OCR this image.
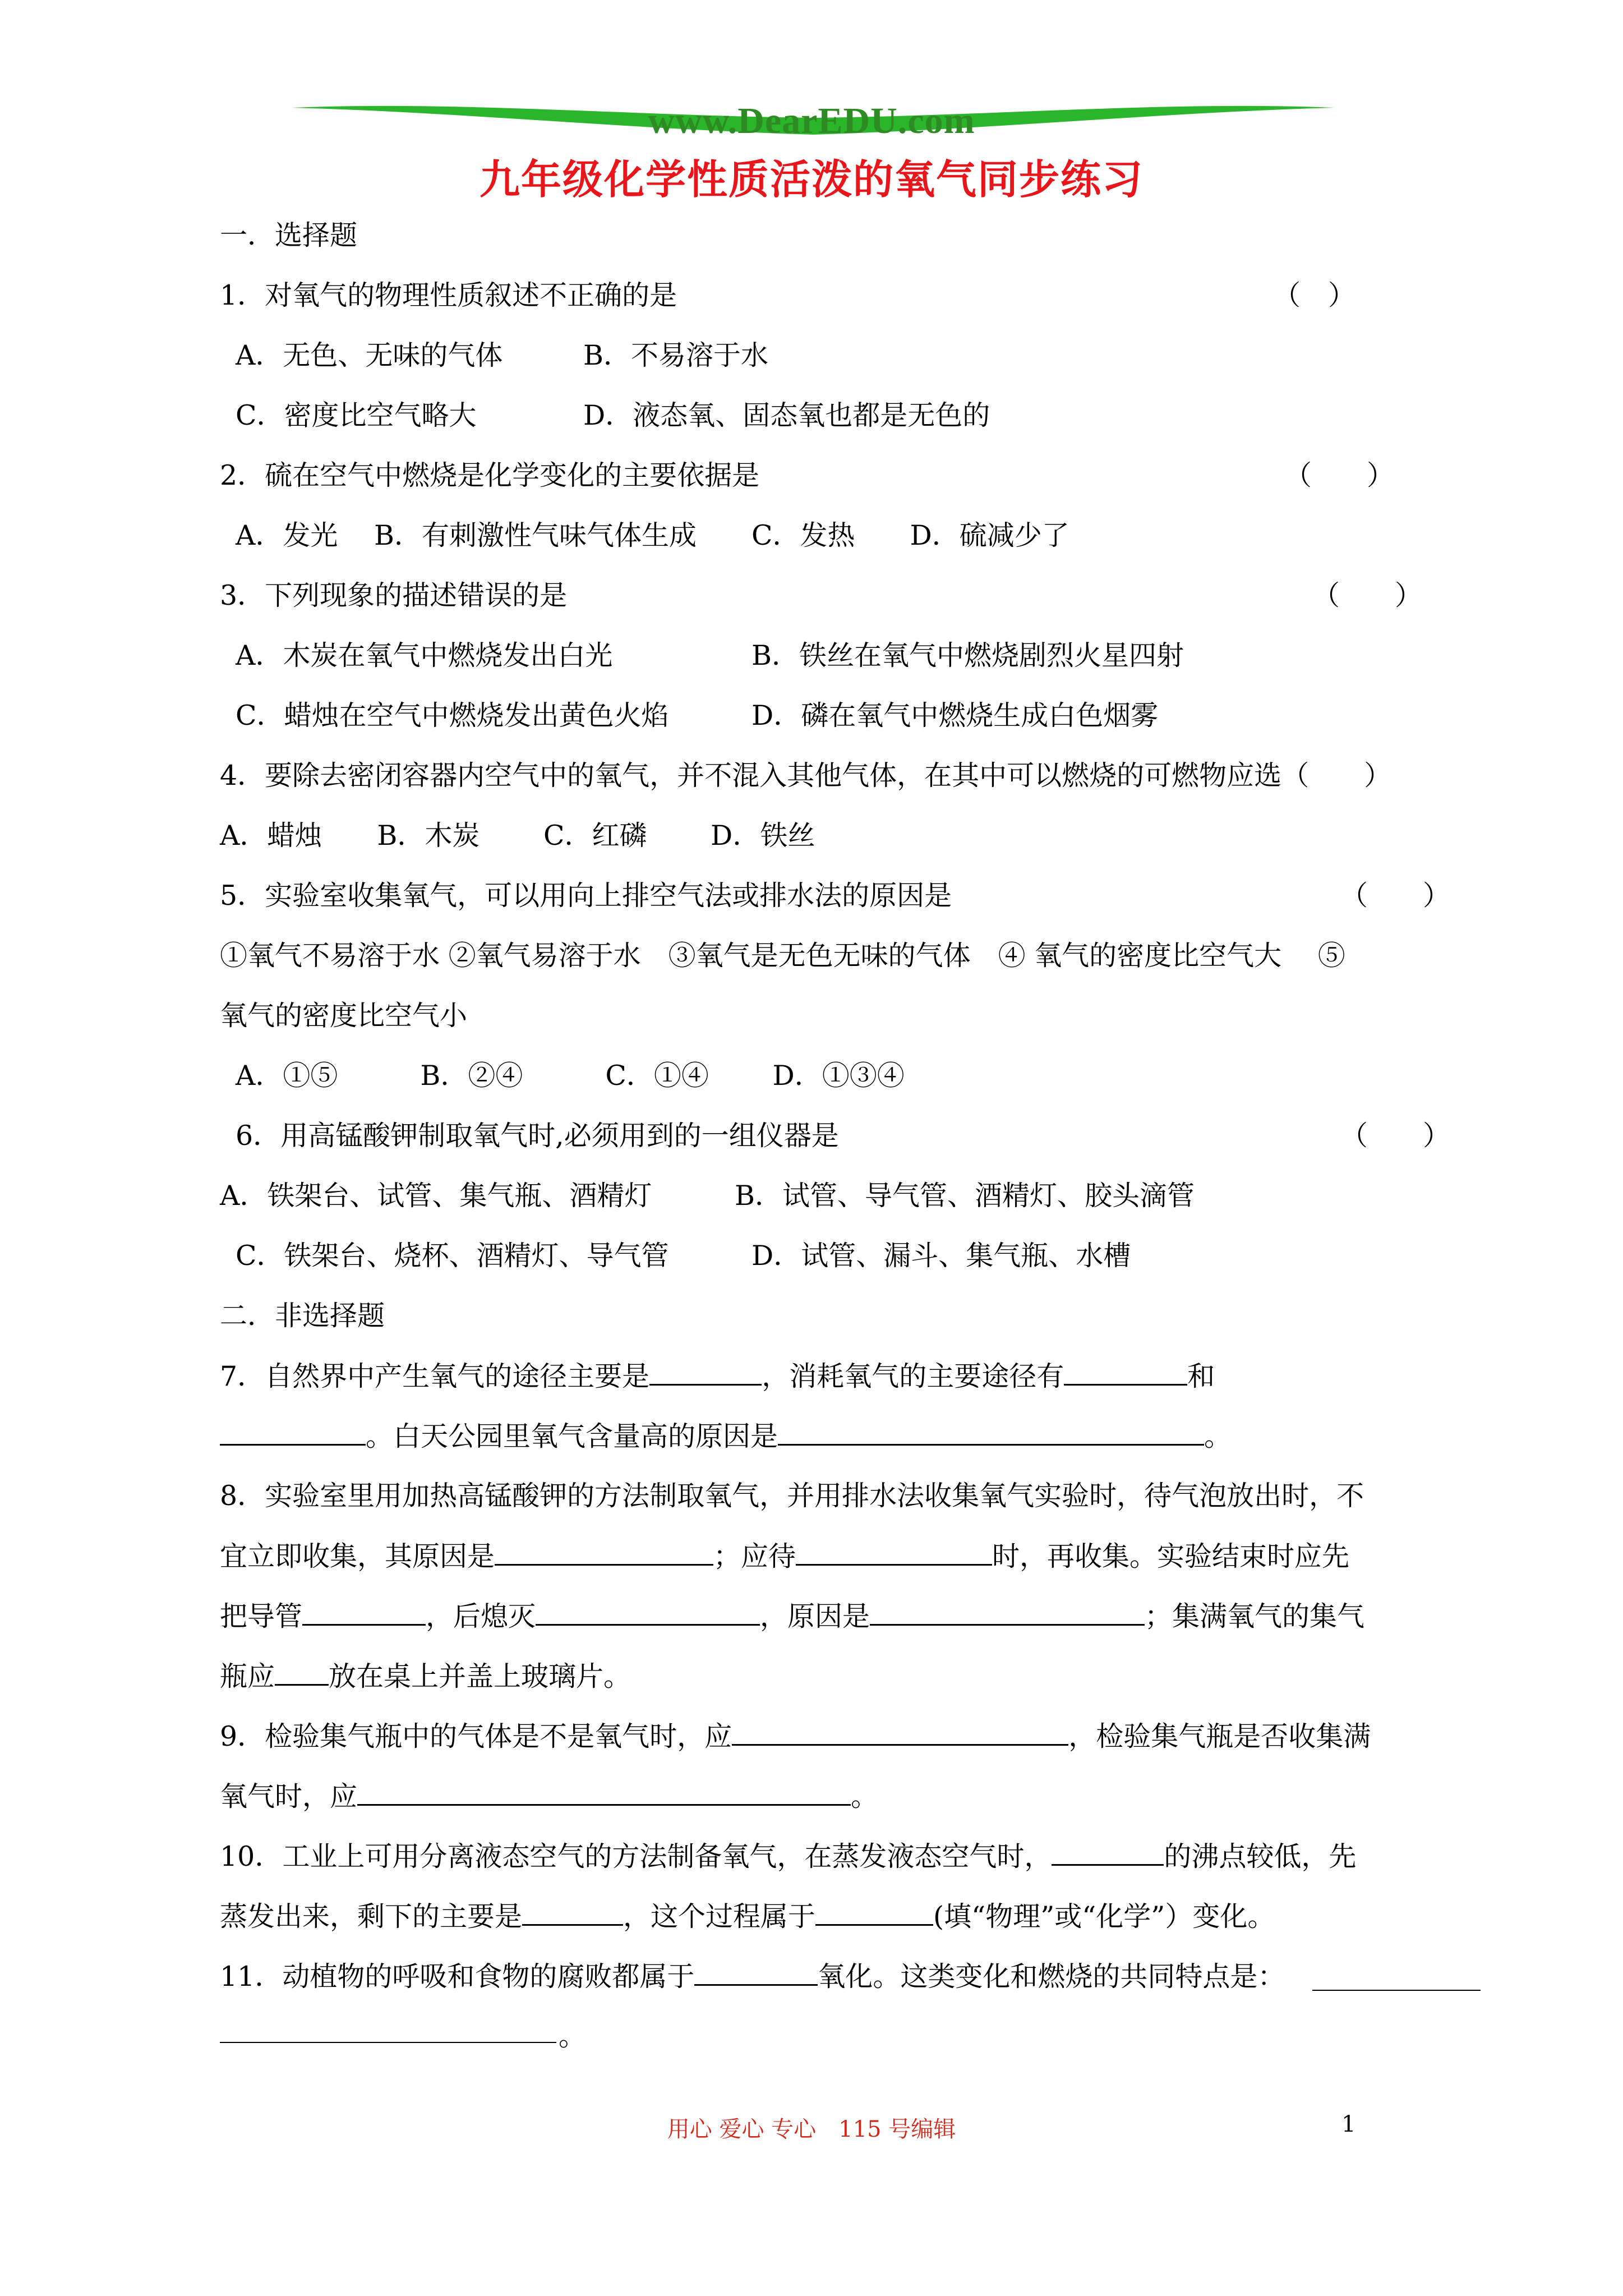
www.DearEDU.com
九年级化学性质活泼的氧气同步练习
一．选择题
1．对氧气的物理性质叙述不正确的是	（　）
A．无色、无味的气体	B．不易溶于水
C．密度比空气略大	D．液态氧、固态氧也都是无色的
2．硫在空气中燃烧是化学变化的主要依据是	（　　）
A．发光　 B．有刺激性气味气体生成　　C．发热　　D．硫减少了
3．下列现象的描述错误的是	（　　）
A．木炭在氧气中燃烧发出白光	B．铁丝在氧气中燃烧剧烈火星四射
C．蜡烛在空气中燃烧发出黄色火焰	D．磷在氧气中燃烧生成白色烟雾
4．要除去密闭容器内空气中的氧气，并不混入其他气体，在其中可以燃烧的可燃物应选（　　）
A．蜡烛　　B．木炭　　 C．红磷　　 D．铁丝
5．实验室收集氧气，可以用向上排空气法或排水法的原因是	（　　）
①氧气不易溶于水 ②氧气易溶于水　③氧气是无色无味的气体　④ 氧气的密度比空气大　 ⑤
氧气的密度比空气小
A．①⑤　　　B．②④　　　C．①④　　 D．①③④
6．用高锰酸钾制取氧气时,必须用到的一组仪器是	（　　）
A．铁架台、试管、集气瓶、酒精灯	B．试管、导气管、酒精灯、胶头滴管
C．铁架台、烧杯、酒精灯、导气管	D．试管、漏斗、集气瓶、水槽
二．非选择题
7．自然界中产生氧气的途径主要是	，消耗氧气的主要途径有	和
。白天公园里氧气含量高的原因是	。
8．实验室里用加热高锰酸钾的方法制取氧气，并用排水法收集氧气实验时，待气泡放出时，不
宜立即收集，其原因是	；应待	时，再收集。实验结束时应先
把导管	，后熄灭	，原因是	；集满氧气的集气
瓶应 放在桌上并盖上玻璃片。
9．检验集气瓶中的气体是不是氧气时，应	，检验集气瓶是否收集满
氧气时，应	。
10．工业上可用分离液态空气的方法制备氧气，在蒸发液态空气时，	的沸点较低，先
蒸发出来，剩下的主要是	，这个过程属于	(填“物理”或“化学”）变化。
11．动植物的呼吸和食物的腐败都属于	氧化。这类变化和燃烧的共同特点是：
。
用心 爱心 专心　115 号编辑	1
